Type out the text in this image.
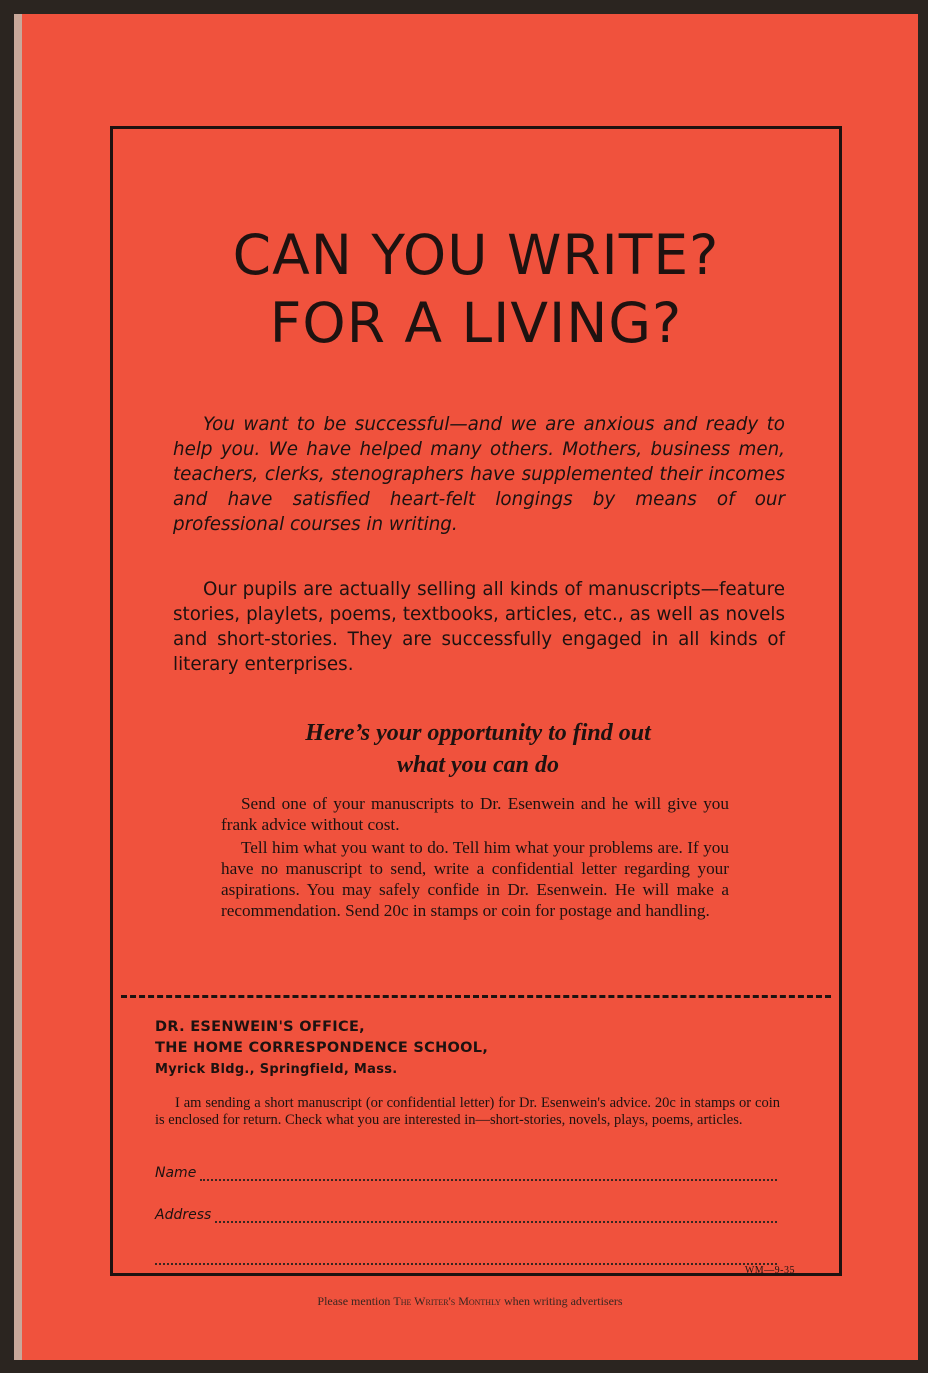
CAN YOU WRITE?
FOR A LIVING?

You want to be successful—and we are anxious and ready to help you. We have helped many others. Mothers, business men, teachers, clerks, stenographers have supplemented their incomes and have satisfied heart-felt longings by means of our professional courses in writing.

Our pupils are actually selling all kinds of manuscripts—feature stories, playlets, poems, textbooks, articles, etc., as well as novels and short-stories. They are successfully engaged in all kinds of literary enterprises.

Here’s your opportunity to find out
what you can do

Send one of your manuscripts to Dr. Esenwein and he will give you frank advice without cost.

Tell him what you want to do. Tell him what your problems are. If you have no manuscript to send, write a confidential letter regarding your aspirations. You may safely confide in Dr. Esenwein. He will make a recommendation. Send 20c in stamps or coin for postage and handling.

DR. ESENWEIN'S OFFICE,
THE HOME CORRESPONDENCE SCHOOL,
Myrick Bldg., Springfield, Mass.

I am sending a short manuscript (or confidential letter) for Dr. Esenwein's advice. 20c in stamps or coin is enclosed for return. Check what you are interested in—short-stories, novels, plays, poems, articles.

Name
Address
WM—9-35
Please mention The Writer's Monthly when writing advertisers
